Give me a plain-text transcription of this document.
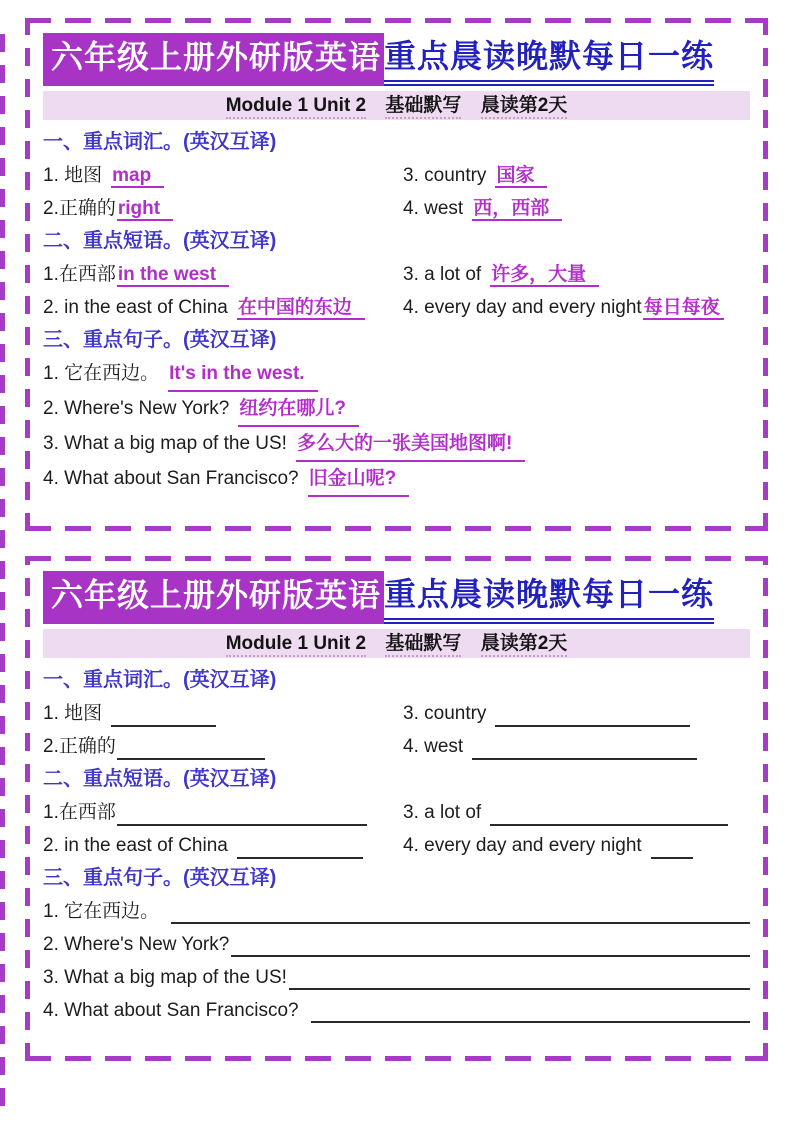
六年级上册外研版英语 重点晨读晚默每日一练
Module 1 Unit 2 基础默写 晨读第2天
一、重点词汇。(英汉互译)
1. 地图 map	3. country 国家
2.正确的 right	4. west 西，西部
二、重点短语。(英汉互译)
1.在西部 in the west	3. a lot of 许多，大量
2. in the east of China 在中国的东边	4. every day and every night 每日每夜
三、重点句子。(英汉互译)
1. 它在西边。 It's in the west.
2. Where's New York? 纽约在哪儿?
3. What a big map of the US! 多么大的一张美国地图啊!
4. What about San Francisco? 旧金山呢?
六年级上册外研版英语 重点晨读晚默每日一练
Module 1 Unit 2 基础默写 晨读第2天
一、重点词汇。(英汉互译)
1. 地图	3. country
2.正确的	4. west
二、重点短语。(英汉互译)
1.在西部	3. a lot of
2. in the east of China	4. every day and every night
三、重点句子。(英汉互译)
1. 它在西边。
2. Where's New York?
3. What a big map of the US!
4. What about San Francisco?
